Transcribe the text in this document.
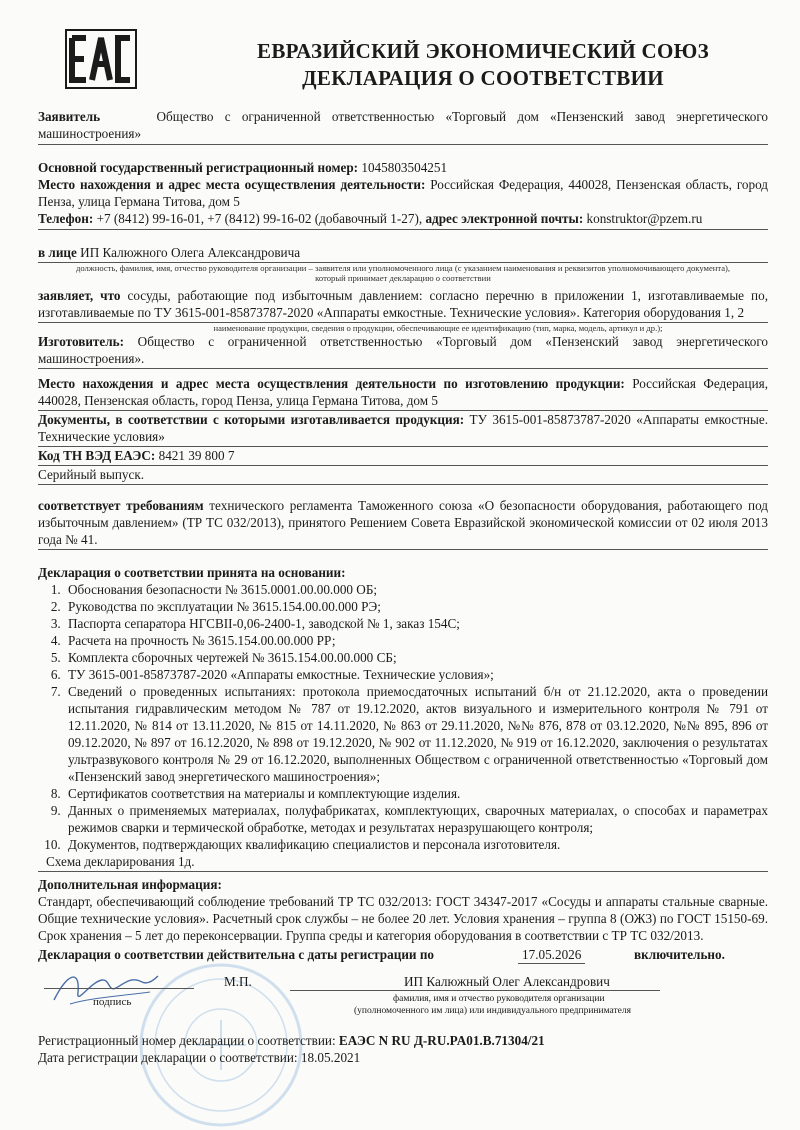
ЕВРАЗИЙСКИЙ ЭКОНОМИЧЕСКИЙ СОЮЗ
ДЕКЛАРАЦИЯ О СООТВЕТСТВИИ
Заявитель	Общество с ограниченной ответственностью «Торговый дом «Пензенский завод энергетического машиностроения»
Основной государственный регистрационный номер: 1045803504251
Место нахождения и адрес места осуществления деятельности: Российская Федерация, 440028, Пензенская область, город Пенза, улица Германа Титова, дом 5
Телефон: +7 (8412) 99-16-01, +7 (8412) 99-16-02 (добавочный 1-27), адрес электронной почты: konstruktor@pzem.ru
в лице ИП Калюжного Олега Александровича
должность, фамилия, имя, отчество руководителя организации – заявителя или уполномоченного лица (с указанием наименования и реквизитов уполномочивающего документа), который принимает декларацию о соответствии
заявляет, что сосуды, работающие под избыточным давлением: согласно перечню в приложении 1, изготавливаемые по, изготавливаемые по ТУ 3615-001-85873787-2020 «Аппараты емкостные. Технические условия». Категория оборудования 1, 2
наименование продукции, сведения о продукции, обеспечивающие ее идентификацию (тип, марка, модель, артикул и др.);
Изготовитель: Общество с ограниченной ответственностью «Торговый дом «Пензенский завод энергетического машиностроения».
Место нахождения и адрес места осуществления деятельности по изготовлению продукции: Российская Федерация, 440028, Пензенская область, город Пенза, улица Германа Титова, дом 5
Документы, в соответствии с которыми изготавливается продукция: ТУ 3615-001-85873787-2020 «Аппараты емкостные. Технические условия»
Код ТН ВЭД ЕАЭС: 8421 39 800 7
Серийный выпуск.
соответствует требованиям технического регламента Таможенного союза «О безопасности оборудования, работающего под избыточным давлением» (ТР ТС 032/2013), принятого Решением Совета Евразийской экономической комиссии от 02 июля 2013 года № 41.
Декларация о соответствии принята на основании:
1. Обоснования безопасности № 3615.0001.00.00.000 ОБ;
2. Руководства по эксплуатации № 3615.154.00.00.000 РЭ;
3. Паспорта сепаратора НГСВII-0,06-2400-1, заводской № 1, заказ 154С;
4. Расчета на прочность № 3615.154.00.00.000 РР;
5. Комплекта сборочных чертежей № 3615.154.00.00.000 СБ;
6. ТУ 3615-001-85873787-2020 «Аппараты емкостные. Технические условия»;
7. Сведений о проведенных испытаниях: протокола приемосдаточных испытаний б/н от 21.12.2020, акта о проведении испытания гидравлическим методом № 787 от 19.12.2020, актов визуального и измерительного контроля № 791 от 12.11.2020, № 814 от 13.11.2020, № 815 от 14.11.2020, № 863 от 29.11.2020, №№ 876, 878 от 03.12.2020, №№ 895, 896 от 09.12.2020, № 897 от 16.12.2020, № 898 от 19.12.2020, № 902 от 11.12.2020, № 919 от 16.12.2020, заключения о результатах ультразвукового контроля № 29 от 16.12.2020, выполненных Обществом с ограниченной ответственностью «Торговый дом «Пензенский завод энергетического машиностроения»;
8. Сертификатов соответствия на материалы и комплектующие изделия.
9. Данных о применяемых материалах, полуфабрикатах, комплектующих, сварочных материалах, о способах и параметрах режимов сварки и термической обработке, методах и результатах неразрушающего контроля;
10. Документов, подтверждающих квалификацию специалистов и персонала изготовителя.
Схема декларирования 1д.
Дополнительная информация:
Стандарт, обеспечивающий соблюдение требований ТР ТС 032/2013: ГОСТ 34347-2017 «Сосуды и аппараты стальные сварные. Общие технические условия». Расчетный срок службы – не более 20 лет. Условия хранения – группа 8 (ОЖ3) по ГОСТ 15150-69. Срок хранения – 5 лет до переконсервации. Группа среды и категория оборудования в соответствии с ТР ТС 032/2013.
Декларация о соответствии действительна с даты регистрации по	17.05.2026	включительно.
М.П.	ИП Калюжный Олег Александрович
подпись	фамилия, имя и отчество руководителя организации
(уполномоченного им лица) или индивидуального предпринимателя
Регистрационный номер декларации о соответствии: ЕАЭС N RU Д-RU.PA01.B.71304/21
Дата регистрации декларации о соответствии: 18.05.2021
